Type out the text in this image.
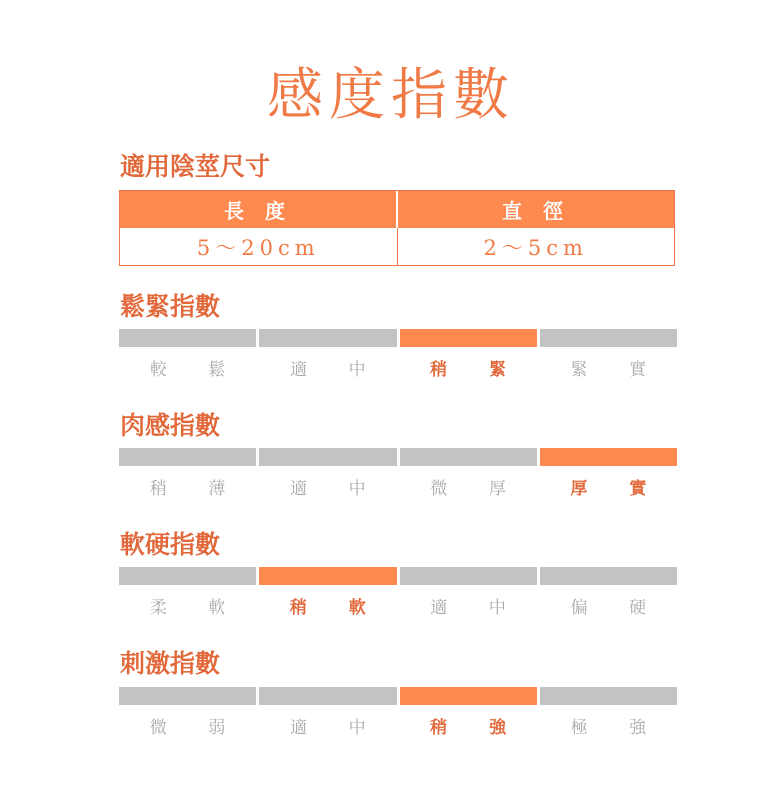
感度指數
適用陰莖尺寸
長 度	直 徑
5～20cm	2～5cm
鬆緊指數
較 鬆	適 中	稍 緊	緊 實
肉感指數
稍 薄	適 中	微 厚	厚 實
軟硬指數
柔 軟	稍 軟	適 中	偏 硬
刺激指數
微 弱	適 中	稍 強	極 強
